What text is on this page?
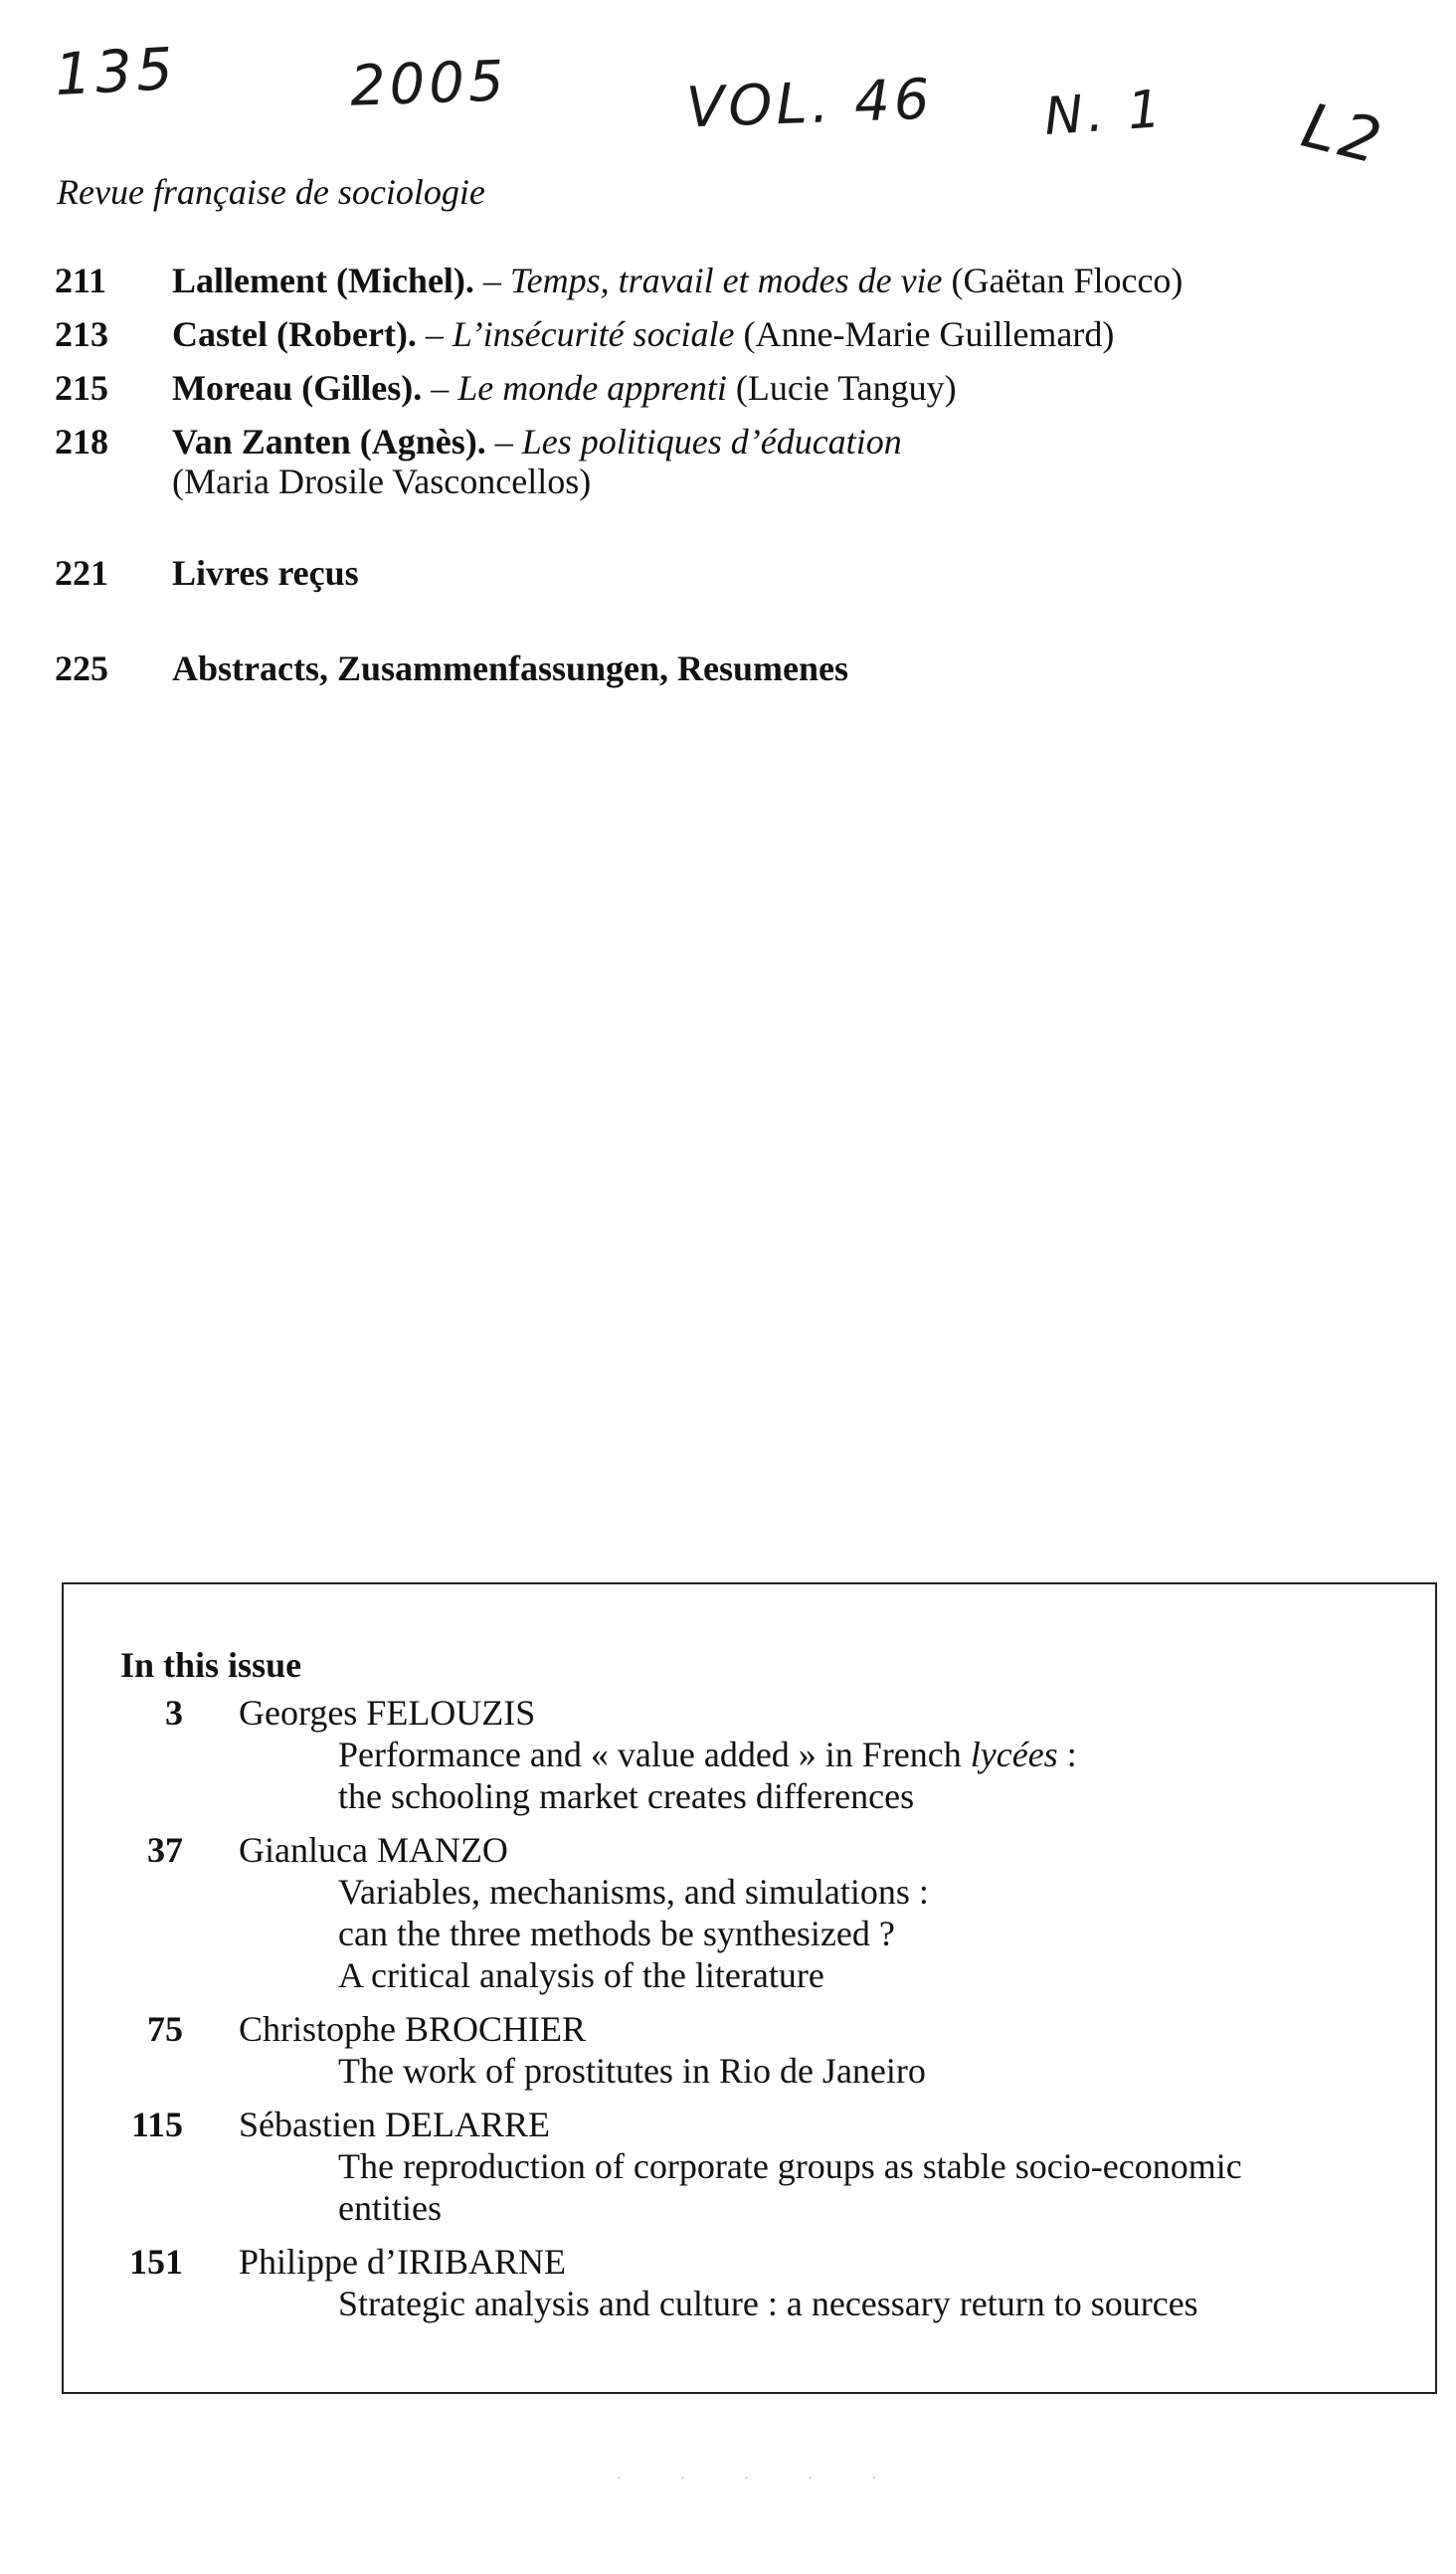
135	2005	VOL. 46 N. 1 L2
Revue française de sociologie
211	Lallement (Michel). – Temps, travail et modes de vie (Gaëtan Flocco)
213	Castel (Robert). – L’insécurité sociale (Anne-Marie Guillemard)
215	Moreau (Gilles). – Le monde apprenti (Lucie Tanguy)
218	Van Zanten (Agnès). – Les politiques d’éducation
(Maria Drosile Vasconcellos)
221	Livres reçus
225	Abstracts, Zusammenfassungen, Resumenes
In this issue
3 Georges FELOUZIS
Performance and « value added » in French lycées :
the schooling market creates differences
37 Gianluca MANZO
Variables, mechanisms, and simulations :
can the three methods be synthesized ?
A critical analysis of the literature
75 Christophe BROCHIER
The work of prostitutes in Rio de Janeiro
115 Sébastien DELARRE
The reproduction of corporate groups as stable socio-economic
entities
151 Philippe d’IRIBARNE
Strategic analysis and culture : a necessary return to sources
· · · · ·
